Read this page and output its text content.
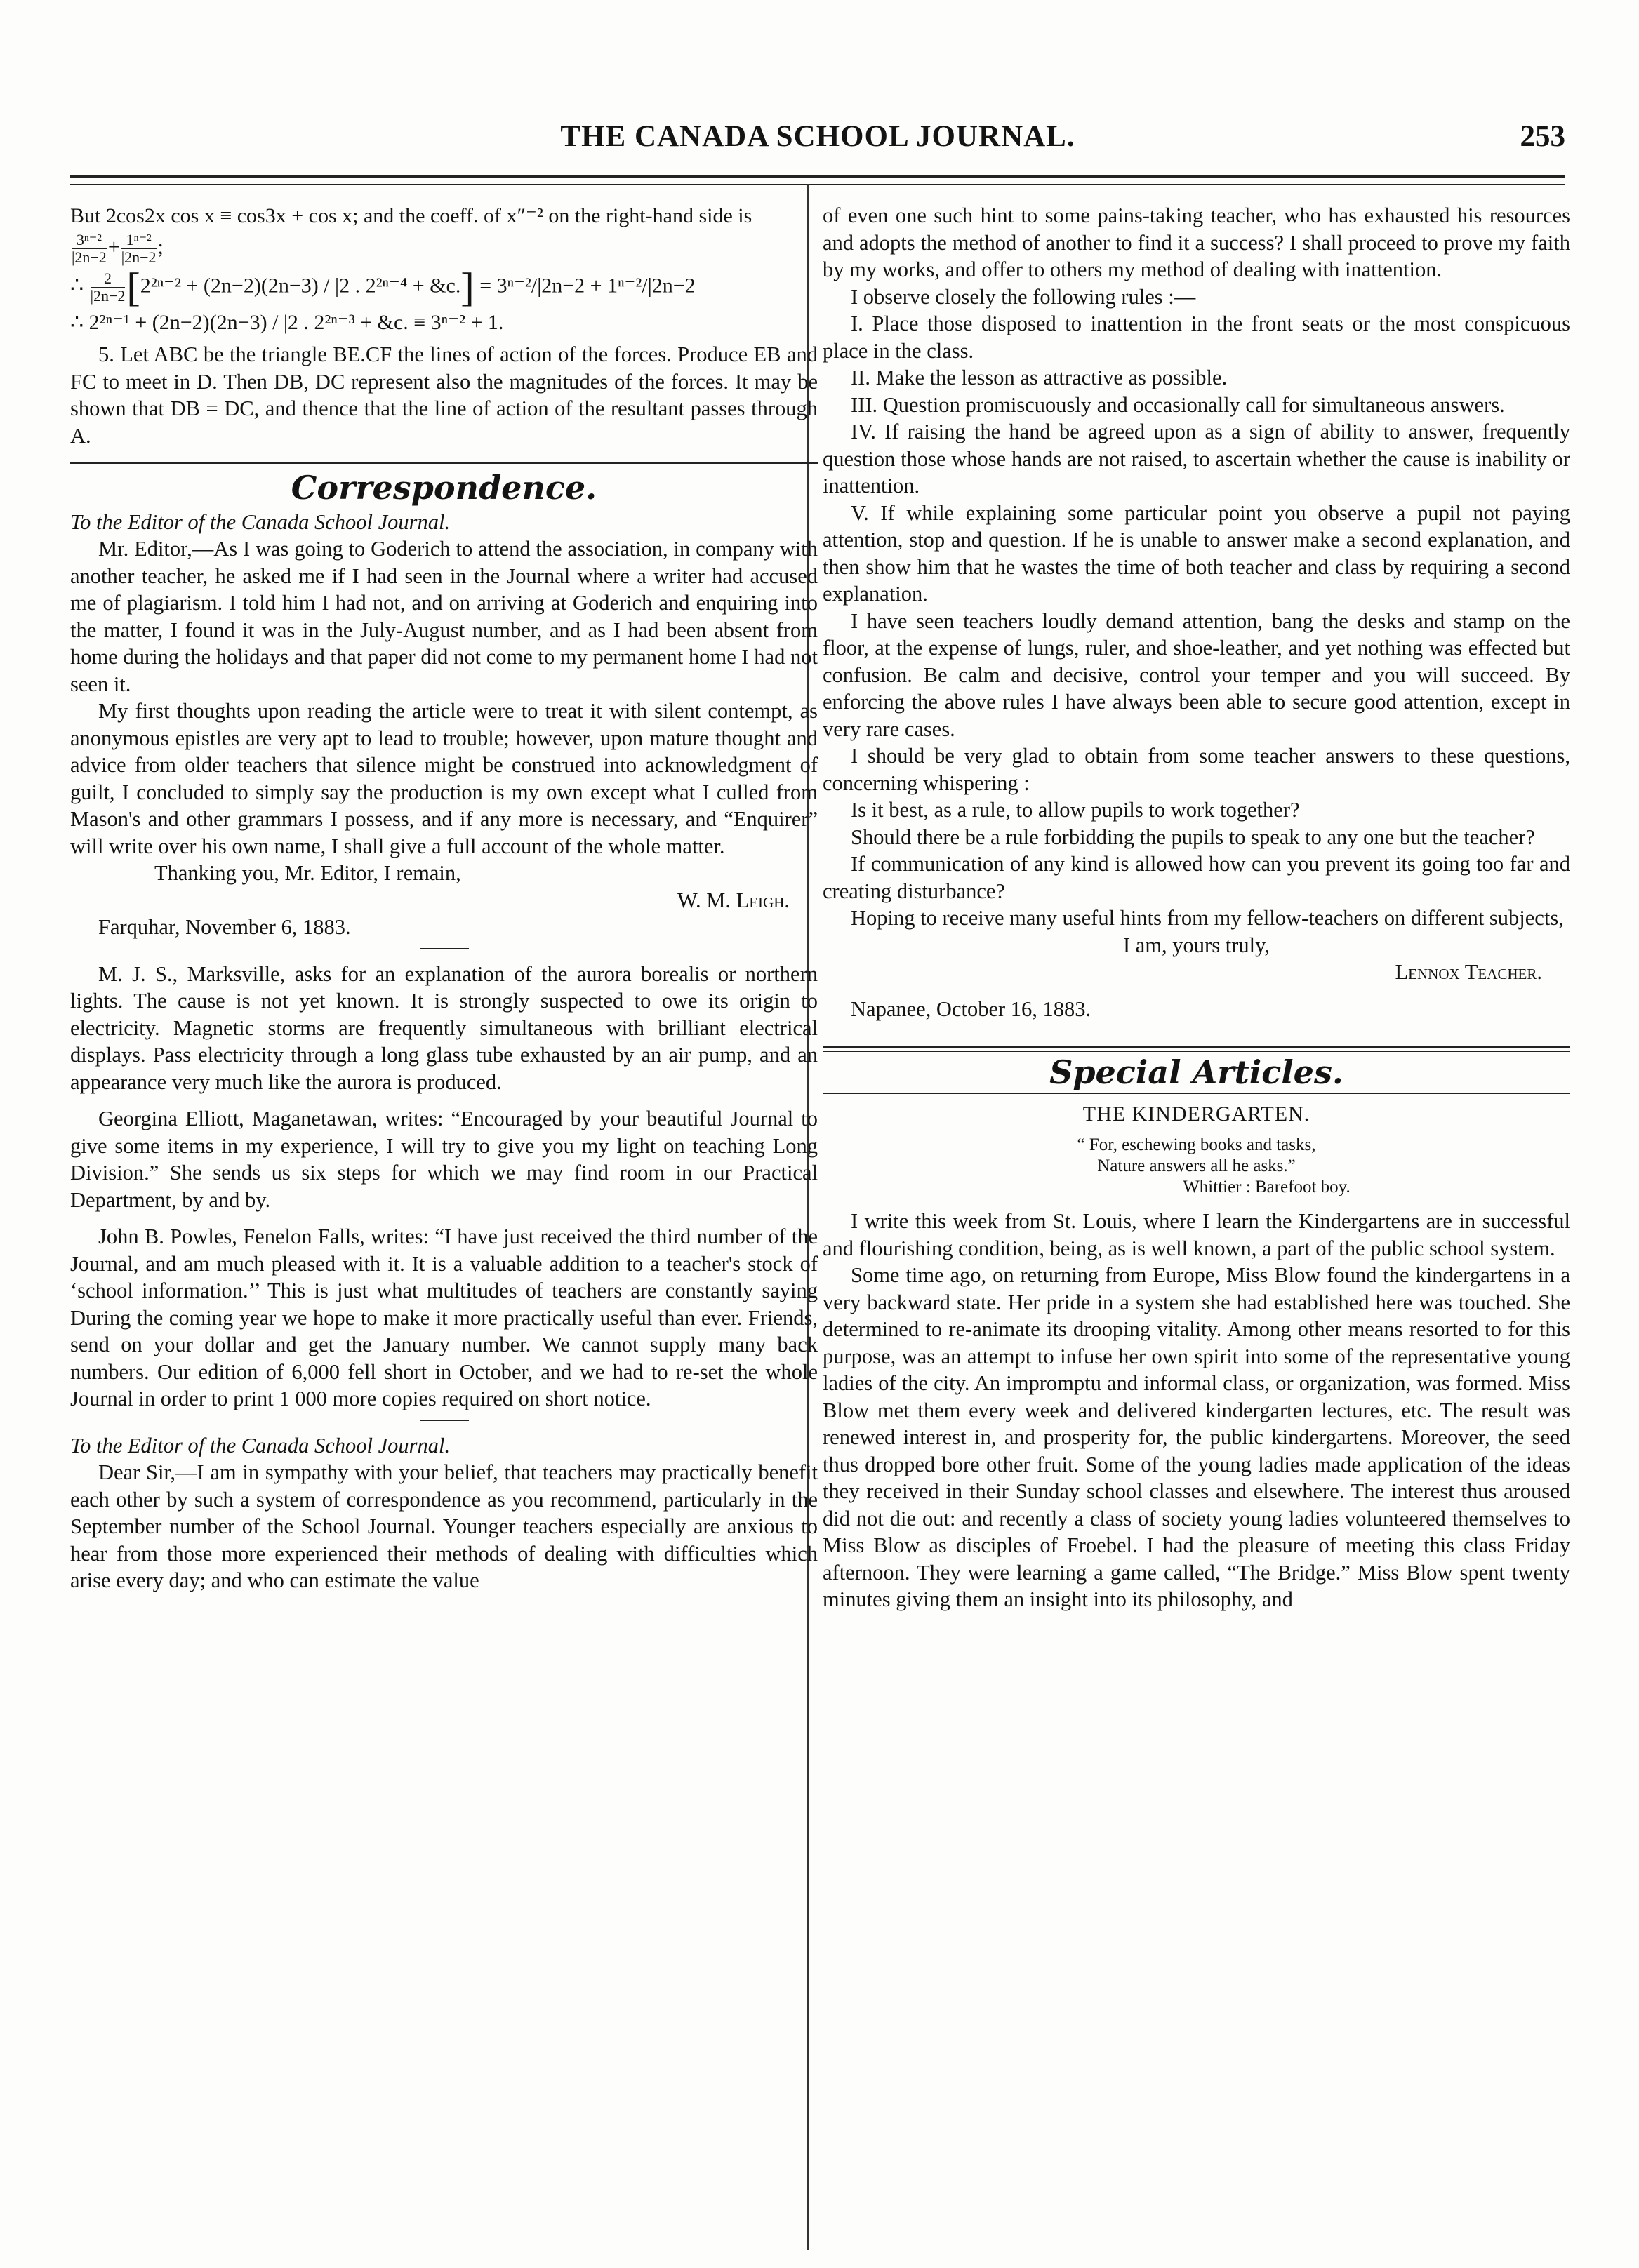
THE CANADA SCHOOL JOURNAL.	253

But 2cos2x cos x ≡ cos3x + cos x; and the coeff. of x″⁻² on the right-hand side is

$\frac{\text{3ⁿ⁻²}}{|2n-2} + \frac{\text{1ⁿ⁻²}}{|2n-2}$ ;
∴ $\frac{2}{|2n-2} [2^{2n-2} + (2n-2)(2n-3) / |2$ . 2²ⁿ⁻⁴ + &c.] = 3ⁿ⁻²/|2n−2 + 1ⁿ⁻²/|2n−2
∴ 2²ⁿ⁻¹ + (2n−2)(2n−3) / |2 . 2²ⁿ⁻³ + &c. ≡ 3ⁿ⁻² + 1.

5. Let ABC be the triangle BE.CF the lines of action of the forces. Produce EB and FC to meet in D. Then DB, DC represent also the magnitudes of the forces. It may be shown that DB = DC, and thence that the line of action of the resultant passes through A.

Correspondence.

To the Editor of the Canada School Journal.

Mr. Editor,—As I was going to Goderich to attend the association, in company with another teacher, he asked me if I had seen in the Journal where a writer had accused me of plagiarism. I told him I had not, and on arriving at Goderich and enquiring into the matter, I found it was in the July-August number, and as I had been absent from home during the holidays and that paper did not come to my permanent home I had not seen it.

My first thoughts upon reading the article were to treat it with silent contempt, as anonymous epistles are very apt to lead to trouble; however, upon mature thought and advice from older teachers that silence might be construed into acknowledgment of guilt, I concluded to simply say the production is my own except what I culled from Mason's and other grammars I possess, and if any more is necessary, and “Enquirer” will write over his own name, I shall give a full account of the whole matter.

Thanking you, Mr. Editor, I remain,

W. M. Leigh.

Farquhar, November 6, 1883.

M. J. S., Marksville, asks for an explanation of the aurora borealis or northern lights. The cause is not yet known. It is strongly suspected to owe its origin to electricity. Magnetic storms are frequently simultaneous with brilliant electrical displays. Pass electricity through a long glass tube exhausted by an air pump, and an appearance very much like the aurora is produced.

Georgina Elliott, Maganetawan, writes: “Encouraged by your beautiful Journal to give some items in my experience, I will try to give you my light on teaching Long Division.” She sends us six steps for which we may find room in our Practical Department, by and by.

John B. Powles, Fenelon Falls, writes: “I have just received the third number of the Journal, and am much pleased with it. It is a valuable addition to a teacher's stock of ‘school information.’’ This is just what multitudes of teachers are constantly saying During the coming year we hope to make it more practically useful than ever. Friends, send on your dollar and get the January number. We cannot supply many back numbers. Our edition of 6,000 fell short in October, and we had to re-set the whole Journal in order to print 1 000 more copies required on short notice.

To the Editor of the Canada School Journal.

Dear Sir,—I am in sympathy with your belief, that teachers may practically benefit each other by such a system of correspondence as you recommend, particularly in the September number of the School Journal. Younger teachers especially are anxious to hear from those more experienced their methods of dealing with difficulties which arise every day; and who can estimate the value

of even one such hint to some pains-taking teacher, who has exhausted his resources and adopts the method of another to find it a success? I shall proceed to prove my faith by my works, and offer to others my method of dealing with inattention.

I observe closely the following rules :—

I. Place those disposed to inattention in the front seats or the most conspicuous place in the class.

II. Make the lesson as attractive as possible.

III. Question promiscuously and occasionally call for simultaneous answers.

IV. If raising the hand be agreed upon as a sign of ability to answer, frequently question those whose hands are not raised, to ascertain whether the cause is inability or inattention.

V. If while explaining some particular point you observe a pupil not paying attention, stop and question. If he is unable to answer make a second explanation, and then show him that he wastes the time of both teacher and class by requiring a second explanation.

I have seen teachers loudly demand attention, bang the desks and stamp on the floor, at the expense of lungs, ruler, and shoe-leather, and yet nothing was effected but confusion. Be calm and decisive, control your temper and you will succeed. By enforcing the above rules I have always been able to secure good attention, except in very rare cases.

I should be very glad to obtain from some teacher answers to these questions, concerning whispering :

Is it best, as a rule, to allow pupils to work together?

Should there be a rule forbidding the pupils to speak to any one but the teacher?

If communication of any kind is allowed how can you prevent its going too far and creating disturbance?

Hoping to receive many useful hints from my fellow-teachers on different subjects,

I am, yours truly,

Lennox Teacher.

Napanee, October 16, 1883.

Special Articles.
THE KINDERGARTEN.
“ For, eschewing books and tasks,
Nature answers all he asks.”
Whittier : Barefoot boy.

I write this week from St. Louis, where I learn the Kindergartens are in successful and flourishing condition, being, as is well known, a part of the public school system.

Some time ago, on returning from Europe, Miss Blow found the kindergartens in a very backward state. Her pride in a system she had established here was touched. She determined to re-animate its drooping vitality. Among other means resorted to for this purpose, was an attempt to infuse her own spirit into some of the representative young ladies of the city. An impromptu and informal class, or organization, was formed. Miss Blow met them every week and delivered kindergarten lectures, etc. The result was renewed interest in, and prosperity for, the public kindergartens. Moreover, the seed thus dropped bore other fruit. Some of the young ladies made application of the ideas they received in their Sunday school classes and elsewhere. The interest thus aroused did not die out: and recently a class of society young ladies volunteered themselves to Miss Blow as disciples of Froebel. I had the pleasure of meeting this class Friday afternoon. They were learning a game called, “The Bridge.” Miss Blow spent twenty minutes giving them an insight into its philosophy, and
